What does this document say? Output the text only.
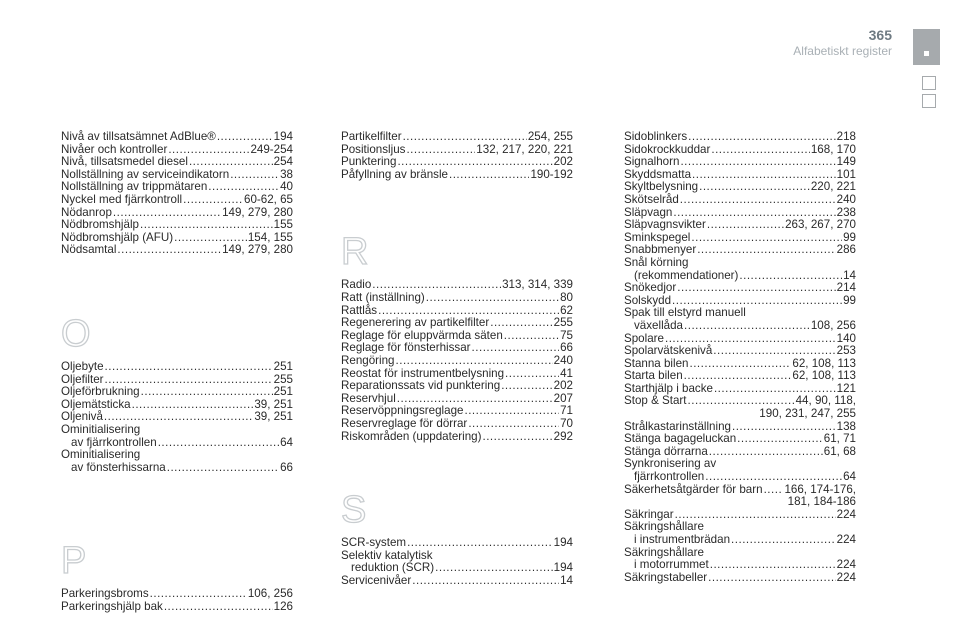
365
Alfabetiskt register
Nivå av tillsatsämnet AdBlue® .....	194
Nivåer och kontroller .....	249-254
Nivå, tillsatsmedel diesel .....	254
Nollställning av serviceindikatorn .....	38
Nollställning av trippmätaren .....	40
Nyckel med fjärrkontroll .....	60-62, 65
Nödanrop .....	149, 279, 280
Nödbromshjälp .....	155
Nödbromshjälp (AFU) .....	154, 155
Nödsamtal .....	149, 279, 280
O
Oljebyte .....	251
Oljefilter .....	255
Oljeförbrukning .....	251
Oljemätsticka .....	39, 251
Oljenivå .....	39, 251
Ominitialisering
av fjärrkontrollen .....	64
Ominitialisering
av fönsterhissarna .....	66
P
Parkeringsbroms .....	106, 256
Parkeringshjälp bak .....	126
Partikelfilter .....	254, 255
Positionsljus .....	132, 217, 220, 221
Punktering .....	202
Påfyllning av bränsle .....	190-192
R
Radio .....	313, 314, 339
Ratt (inställning) .....	80
Rattlås .....	62
Regenerering av partikelfilter .....	255
Reglage för eluppvärmda säten .....	75
Reglage för fönsterhissar .....	66
Rengöring .....	240
Reostat för instrumentbelysning .....	41
Reparationssats vid punktering .....	202
Reservhjul .....	207
Reservöppningsreglage .....	71
Reservreglage för dörrar .....	70
Riskområden (uppdatering) .....	292
S
SCR-system .....	194
Selektiv katalytisk
reduktion (SCR) .....	194
Servicenivåer .....	14
Sidoblinkers .....	218
Sidokrockkuddar .....	168, 170
Signalhorn .....	149
Skyddsmatta .....	101
Skyltbelysning .....	220, 221
Skötselråd .....	240
Släpvagn .....	238
Släpvagnsvikter .....	263, 267, 270
Sminkspegel .....	99
Snabbmenyer .....	286
Snål körning
(rekommendationer) .....	14
Snökedjor .....	214
Solskydd .....	99
Spak till elstyrd manuell
växellåda .....	108, 256
Spolare .....	140
Spolarvätskenivå .....	253
Stanna bilen .....	62, 108, 113
Starta bilen .....	62, 108, 113
Starthjälp i backe .....	121
Stop & Start .....	44, 90, 118,
190, 231, 247, 255
Strålkastarinställning .....	138
Stänga bagageluckan .....	61, 71
Stänga dörrarna .....	61, 68
Synkronisering av
fjärrkontrollen .....	64
Säkerhetsåtgärder för barn ..... 166, 174-176,
181, 184-186
Säkringar .....	224
Säkringshållare
i instrumentbrädan .....	224
Säkringshållare
i motorrummet .....	224
Säkringstabeller .....	224
